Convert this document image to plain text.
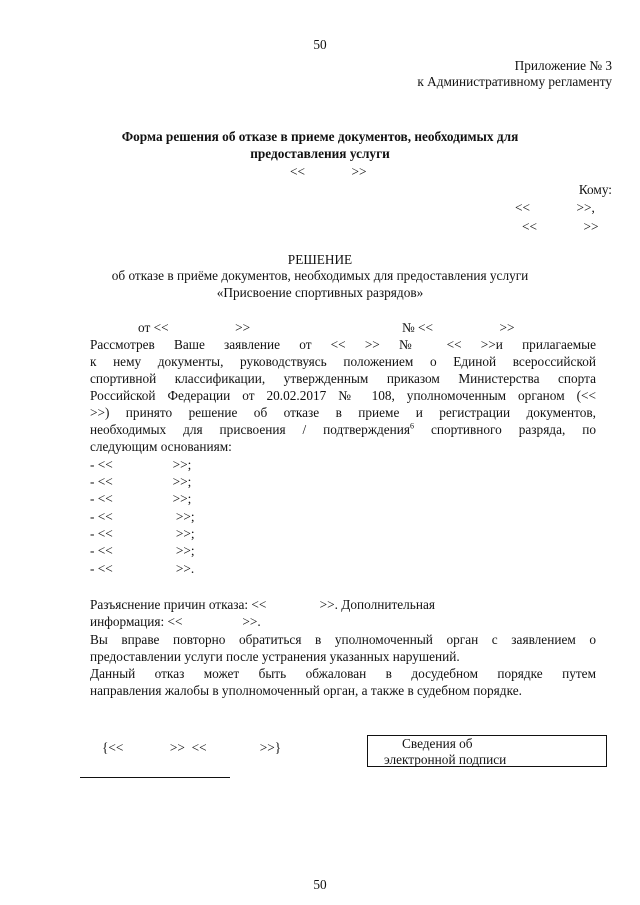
50
Приложение № 3
к Административному регламенту
Форма решения об отказе в приеме документов, необходимых для
предоставления услуги
<<              >>
Кому:
<<              >>,
<<              >>
РЕШЕНИЕ
об отказе в приёме документов, необходимых для предоставления услуги
«Присвоение спортивных разрядов»
от <<                    >>	№ <<                    >>
Рассмотрев Ваше заявление от << >> № << >>и прилагаемые
к нему документы, руководствуясь положением о Единой всероссийской
спортивной классификации, утвержденным приказом Министерства спорта
Российской Федерации от 20.02.2017 № 108, уполномоченным органом (<<
>>) принято решение об отказе в приеме и регистрации документов,
необходимых для присвоения / подтверждения$^6$ спортивного разряда, по
следующим основаниям:
- <<                  >>;
- <<                  >>;
- <<                  >>;
- <<                   >>;
- <<                   >>;
- <<                   >>;
- <<                   >>.
Разъяснение причин отказа: <<                >>. Дополнительная
информация: <<                  >>.
Вы вправе повторно обратиться в уполномоченный орган с заявлением о
предоставлении услуги после устранения указанных нарушений.
Данный отказ может быть обжалован в досудебном порядке путем
направления жалобы в уполномоченный орган, а также в судебном порядке.
{<<              >>  <<                >>}	Сведения об
электронной подписи
50
